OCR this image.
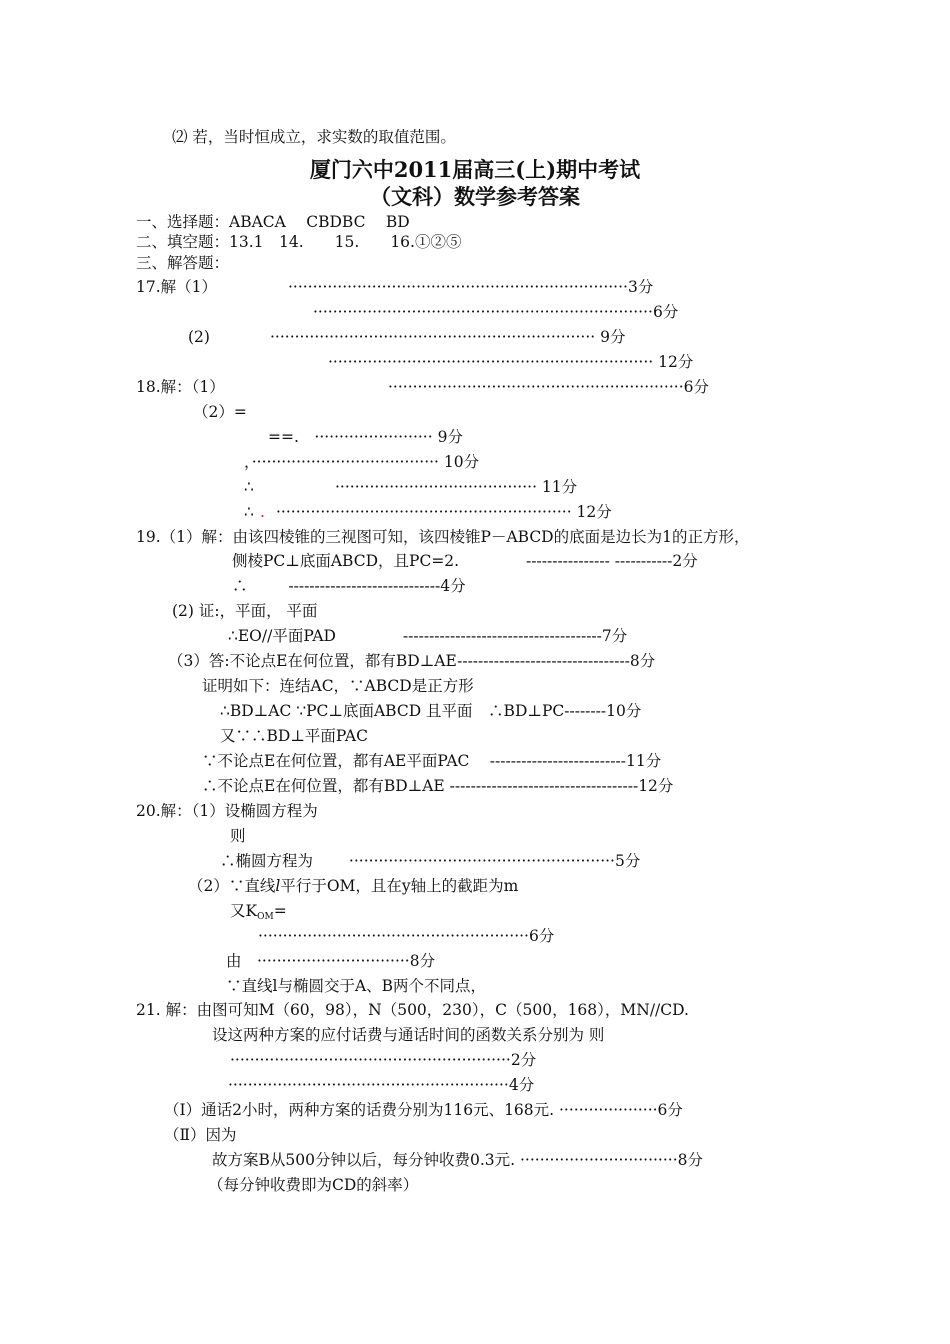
⑵ 若，当时恒成立，求实数的取值范围。
厦门六中2011届高三(上)期中考试
（文科）数学参考答案
一、选择题：ABACA　 CBDBC　 BD
二、填空题：13.1　14.　　15.　　16.①②⑤
三、解答题：
17.解（1）	·····································································3分
·····································································6分
(2)	·································································· 9分
·································································· 12分
18.解：（1）	····························································6分
（2）=
==.　························ 9分
，······································ 10分
∴	········································· 11分
∴ . ···························································· 12分
19.（1）解：由该四棱锥的三视图可知，该四棱锥P－ABCD的底面是边长为1的正方形，
侧棱PC⊥底面ABCD，且PC=2.　　　　 ---------------- -----------2分
∴　　  -----------------------------4分
(2) 证:，平面， 平面
∴EO//平面PAD　　　　 --------------------------------------7分
（3）答:不论点E在何位置，都有BD⊥AE---------------------------------8分
证明如下：连结AC，∵ABCD是正方形
∴BD⊥AC ∵PC⊥底面ABCD 且平面　∴BD⊥PC--------10分
又∵∴BD⊥平面PAC
∵不论点E在何位置，都有AE平面PAC　 --------------------------11分
∴不论点E在何位置，都有BD⊥AE ------------------------------------12分
20.解：（1）设椭圆方程为
则
∴椭圆方程为　　 ······················································5分
（2）∵直线l平行于OM，且在y轴上的截距为m
又KOM=
·······················································6分
由　·······························8分
∵直线l与椭圆交于A、B两个不同点，
21. 解：由图可知M（60，98），N（500，230），C（500，168），MN//CD.
设这两种方案的应付话费与通话时间的函数关系分别为 则
·························································2分
·························································4分
（Ⅰ）通话2小时，两种方案的话费分别为116元、168元. ····················6分
（Ⅱ）因为
故方案B从500分钟以后，每分钟收费0.3元. ································8分
（每分钟收费即为CD的斜率）
